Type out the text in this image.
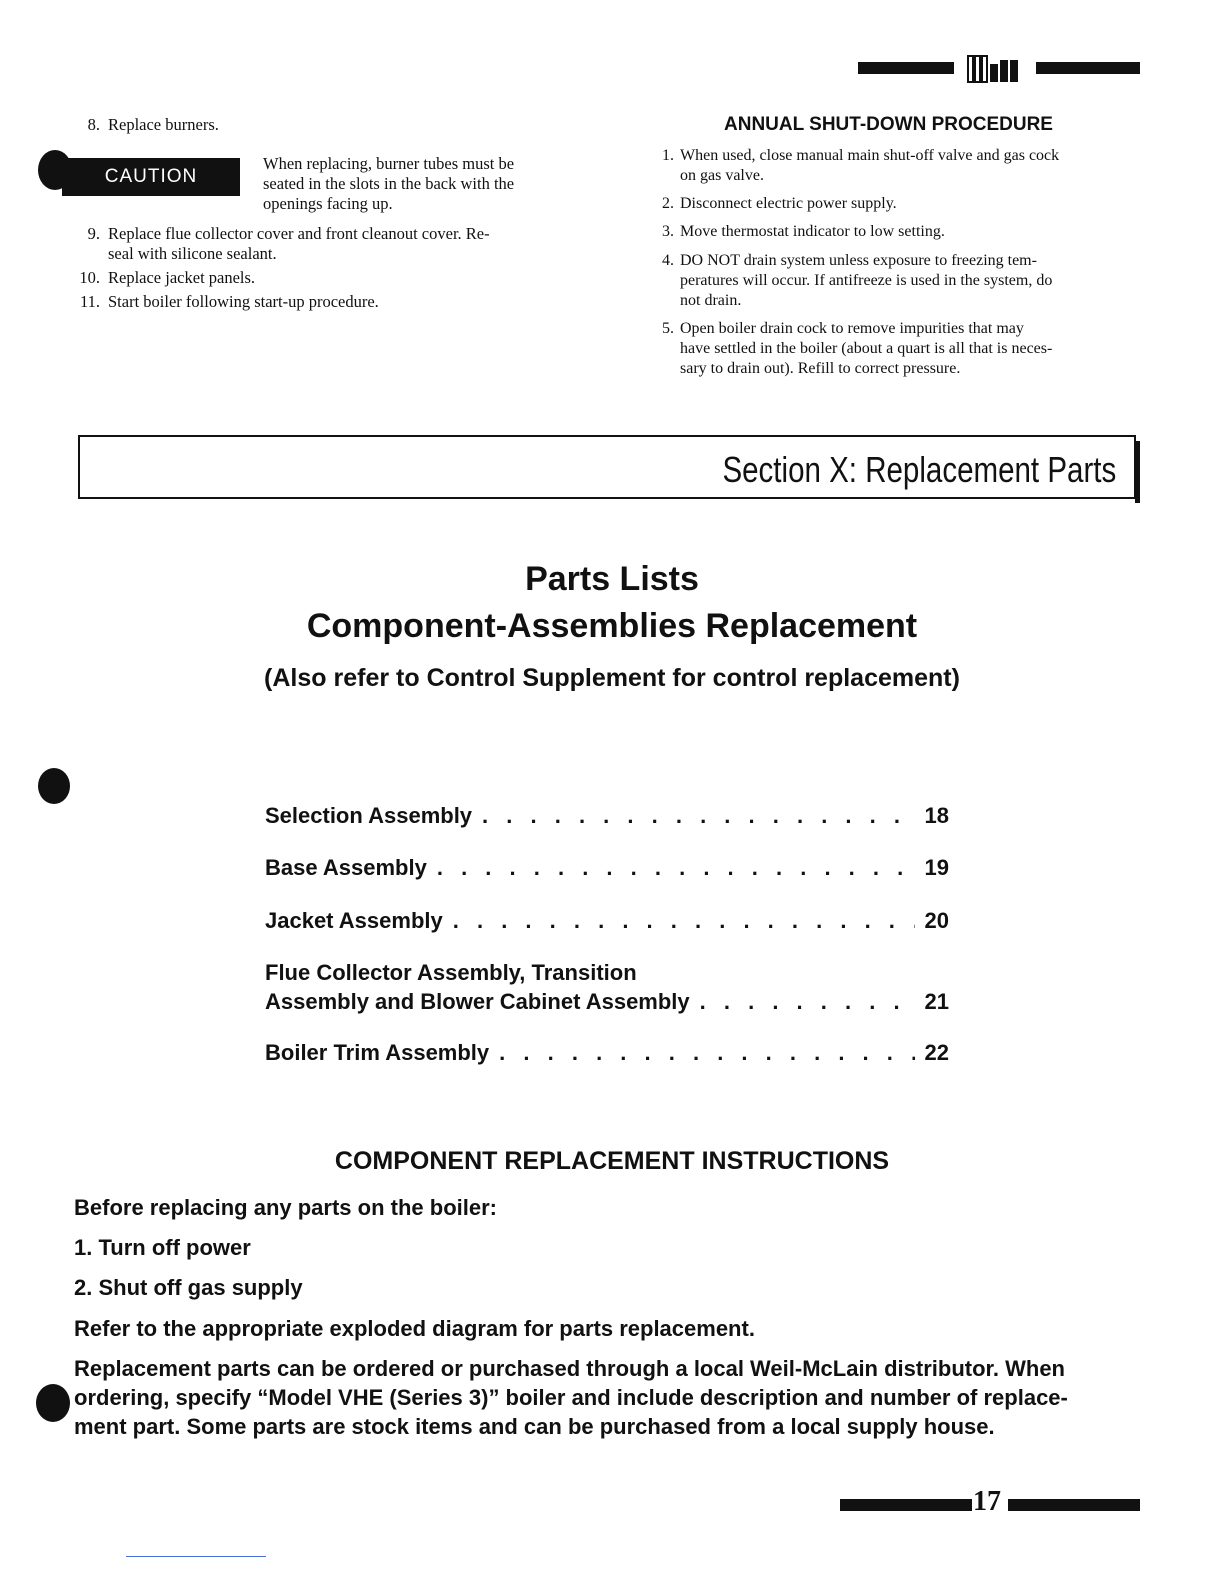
8. Replace burners.
CAUTION
When replacing, burner tubes must be
seated in the slots in the back with the
openings facing up.
9. Replace flue collector cover and front cleanout cover. Re-
seal with silicone sealant.
10. Replace jacket panels.
11. Start boiler following start-up procedure.
ANNUAL SHUT-DOWN PROCEDURE
1. When used, close manual main shut-off valve and gas cock
on gas valve.
2. Disconnect electric power supply.
3. Move thermostat indicator to low setting.
4. DO NOT drain system unless exposure to freezing tem-
peratures will occur. If antifreeze is used in the system, do
not drain.
5. Open boiler drain cock to remove impurities that may
have settled in the boiler (about a quart is all that is neces-
sary to drain out). Refill to correct pressure.
Section X: Replacement Parts
Parts Lists
Component-Assemblies Replacement
(Also refer to Control Supplement for control replacement)
Selection Assembly . . .	18
Base Assembly . . .	19
Jacket Assembly . . .	20
Flue Collector Assembly, Transition
Assembly and Blower Cabinet Assembly . . .	21
Boiler Trim Assembly . . .	22
COMPONENT REPLACEMENT INSTRUCTIONS
Before replacing any parts on the boiler:
1. Turn off power
2. Shut off gas supply
Refer to the appropriate exploded diagram for parts replacement.
Replacement parts can be ordered or purchased through a local Weil-McLain distributor. When
ordering, specify “Model VHE (Series 3)” boiler and include description and number of replace-
ment part. Some parts are stock items and can be purchased from a local supply house.
17
